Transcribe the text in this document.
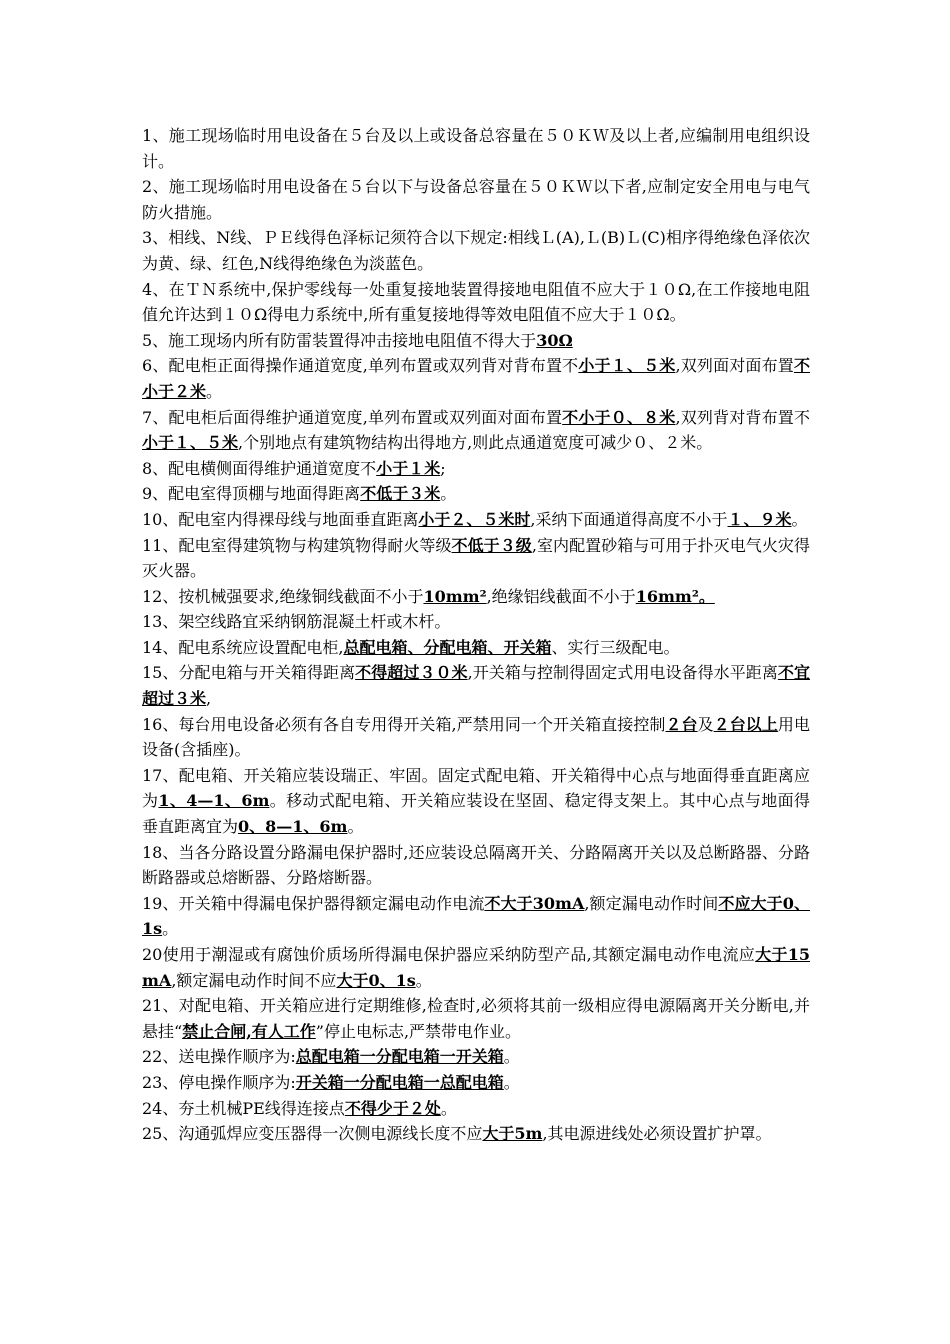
1、施工现场临时用电设备在５台及以上或设备总容量在５０ＫＷ及以上者,应编制用电组织设计。

2、施工现场临时用电设备在５台以下与设备总容量在５０ＫＷ以下者,应制定安全用电与电气防火措施。

3、相线、N线、ＰＥ线得色泽标记须符合以下规定:相线Ｌ(A),Ｌ(B)Ｌ(C)相序得绝缘色泽依次为黄、绿、红色,N线得绝缘色为淡蓝色。

4、在ＴＮ系统中,保护零线每一处重复接地装置得接地电阻值不应大于１０Ω,在工作接地电阻值允许达到１０Ω得电力系统中,所有重复接地得等效电阻值不应大于１０Ω。

5、施工现场内所有防雷装置得冲击接地电阻值不得大于30Ω

6、配电柜正面得操作通道宽度,单列布置或双列背对背布置不小于１、５米,双列面对面布置不小于２米。

7、配电柜后面得维护通道宽度,单列布置或双列面对面布置不小于０、８米,双列背对背布置不小于１、５米,个别地点有建筑物结构出得地方,则此点通道宽度可减少０、２米。

8、配电横侧面得维护通道宽度不小于１米;

9、配电室得顶棚与地面得距离不低于３米。

10、配电室内得裸母线与地面垂直距离小于２、５米时,采纳下面通道得高度不小于１、９米。

11、配电室得建筑物与构建筑物得耐火等级不低于３级,室内配置砂箱与可用于扑灭电气火灾得灭火器。

12、按机械强要求,绝缘铜线截面不小于10mm²,绝缘铝线截面不小于16mm²。

13、架空线路宜采纳钢筋混凝土杆或木杆。

14、配电系统应设置配电柜,总配电箱、分配电箱、开关箱、实行三级配电。

15、分配电箱与开关箱得距离不得超过３０米,开关箱与控制得固定式用电设备得水平距离不宜超过３米,

16、每台用电设备必须有各自专用得开关箱,严禁用同一个开关箱直接控制２台及２台以上用电设备(含插座)。

17、配电箱、开关箱应装设瑞正、牢固。固定式配电箱、开关箱得中心点与地面得垂直距离应为1、4—1、6m。移动式配电箱、开关箱应装设在坚固、稳定得支架上。其中心点与地面得垂直距离宜为0、8—1、6m。

18、当各分路设置分路漏电保护器时,还应装设总隔离开关、分路隔离开关以及总断路器、分路断路器或总熔断器、分路熔断器。

19、开关箱中得漏电保护器得额定漏电动作电流不大于30mA,额定漏电动作时间不应大于0、1s。

20使用于潮湿或有腐蚀价质场所得漏电保护器应采纳防型产品,其额定漏电动作电流应大于15mA,额定漏电动作时间不应大于0、1s。

21、对配电箱、开关箱应进行定期维修,检查时,必须将其前一级相应得电源隔离开关分断电,并悬挂“禁止合闸,有人工作”停止电标志,严禁带电作业。

22、送电操作顺序为:总配电箱一分配电箱一开关箱。

23、停电操作顺序为:开关箱一分配电箱一总配电箱。

24、夯土机械PE线得连接点不得少于２处。

25、沟通弧焊应变压器得一次侧电源线长度不应大于5m,其电源进线处必须设置扩护罩。
